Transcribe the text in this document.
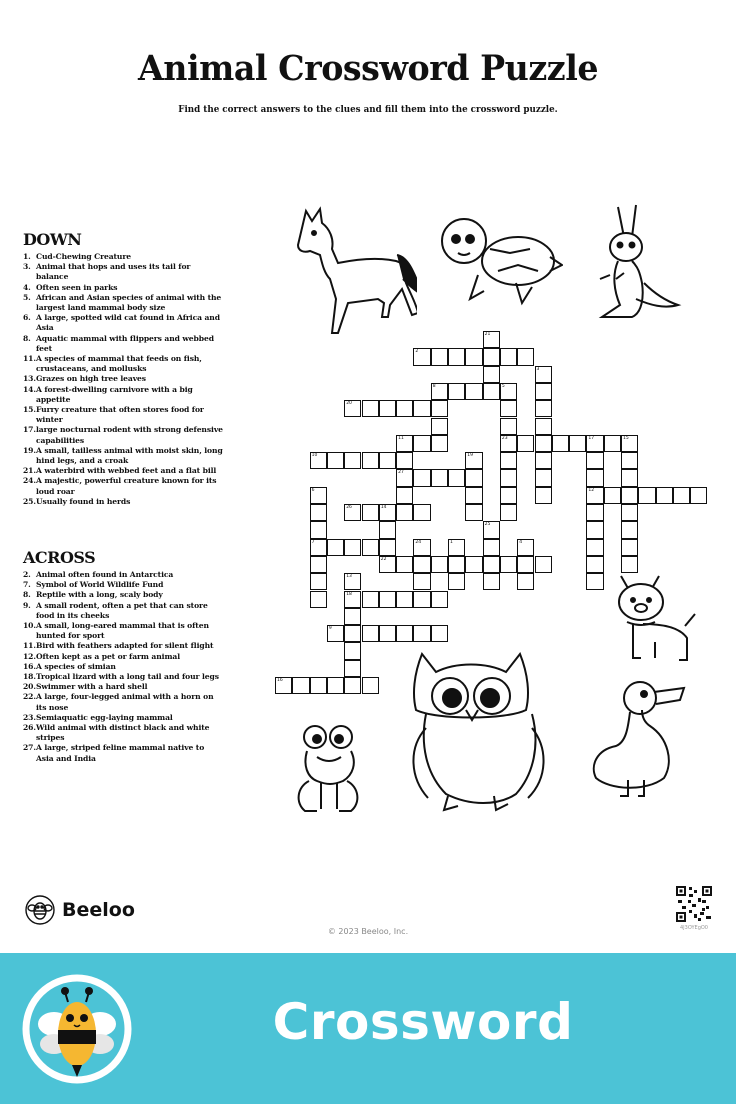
Animal Crossword Puzzle
Find the correct answers to the clues and fill them into the crossword puzzle.
DOWN
1. Cud-Chewing Creature
3. Animal that hops and uses its tail for balance
4. Often seen in parks
5. African and Asian species of animal with the largest land mammal body size
6. A large, spotted wild cat found in Africa and Asia
8. Aquatic mammal with flippers and webbed feet
11. A species of mammal that feeds on fish, crustaceans, and mollusks
13. Grazes on high tree leaves
14. A forest-dwelling carnivore with a big appetite
15. Furry creature that often stores food for winter
17. large nocturnal rodent with strong defensive capabilities
19. A small, tailless animal with moist skin, long hind legs, and a croak
21. A waterbird with webbed feet and a flat bill
24. A majestic, powerful creature known for its loud roar
25. Usually found in herds
ACROSS
2. Animal often found in Antarctica
7. Symbol of World Wildlife Fund
8. Reptile with a long, scaly body
9. A small rodent, often a pet that can store food in its cheeks
10. A small, long-eared mammal that is often hunted for sport
11. Bird with feathers adapted for silent flight
12. Often kept as a pet or farm animal
16. A species of simian
18. Tropical lizard with a long tail and four legs
20. Swimmer with a hard shell
22. A large, four-legged animal with a horn on its nose
23. Semiaquatic egg-laying mammal
26. Wild animal with distinct black and white stripes
27. A large, striped feline mammal native to Asia and India
21
2
3
8	5
23
20
11
27
17	15
12
10	19
6
7
26	14
22
25
24	1	4
13
18
9
16
Beeloo
© 2023 Beeloo, Inc.	4J3OYEgO0
Crossword
